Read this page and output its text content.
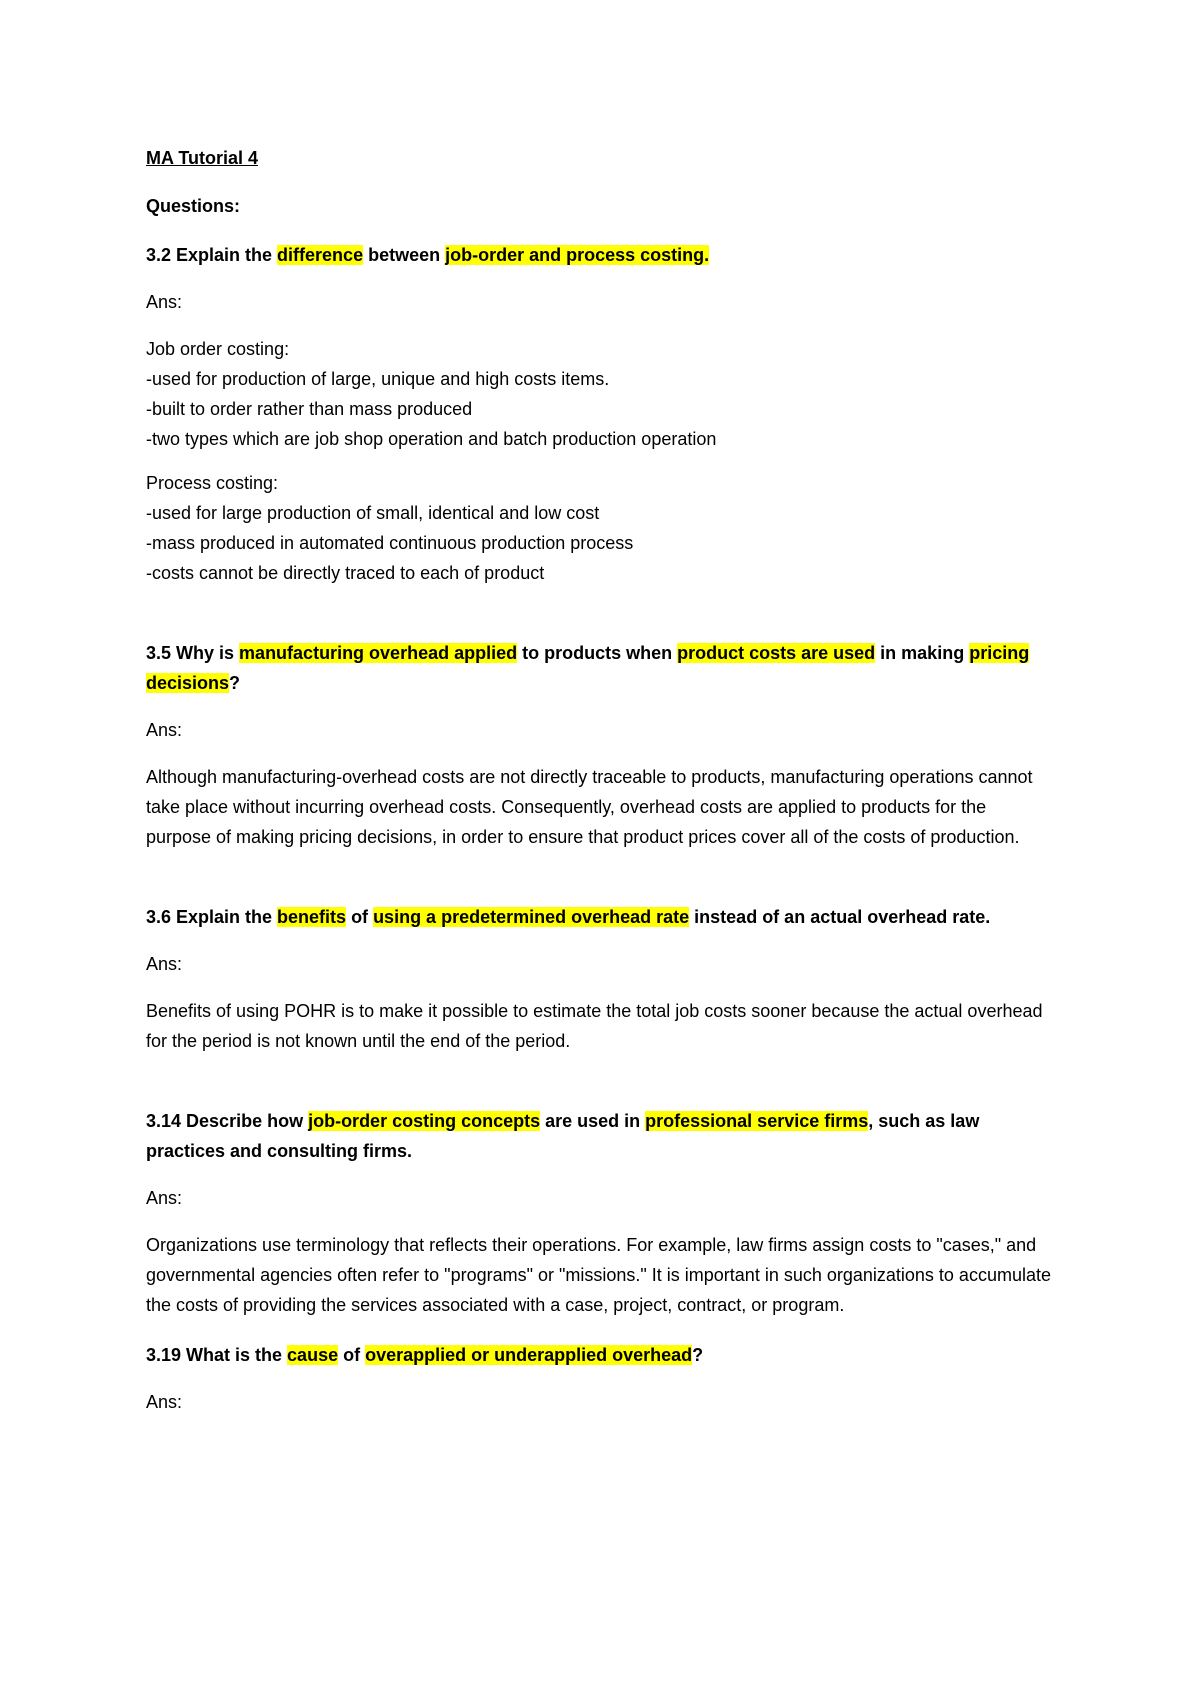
MA Tutorial 4
Questions:
3.2 Explain the difference between job-order and process costing.
Ans:
Job order costing:
-used for production of large, unique and high costs items.
-built to order rather than mass produced
-two types which are job shop operation and batch production operation
Process costing:
-used for large production of small, identical and low cost
-mass produced in automated continuous production process
-costs cannot be directly traced to each of product
3.5 Why is manufacturing overhead applied to products when product costs are used in making pricing decisions?
Ans:

Although manufacturing-overhead costs are not directly traceable to products, manufacturing operations cannot take place without incurring overhead costs. Consequently, overhead costs are applied to products for the purpose of making pricing decisions, in order to ensure that product prices cover all of the costs of production.

3.6 Explain the benefits of using a predetermined overhead rate instead of an actual overhead rate.
Ans:

Benefits of using POHR is to make it possible to estimate the total job costs sooner because the actual overhead for the period is not known until the end of the period.

3.14 Describe how job-order costing concepts are used in professional service firms, such as law practices and consulting firms.
Ans:

Organizations use terminology that reflects their operations. For example, law firms assign costs to "cases," and governmental agencies often refer to "programs" or "missions." It is important in such organizations to accumulate the costs of providing the services associated with a case, project, contract, or program.

3.19 What is the cause of overapplied or underapplied overhead?
Ans:
